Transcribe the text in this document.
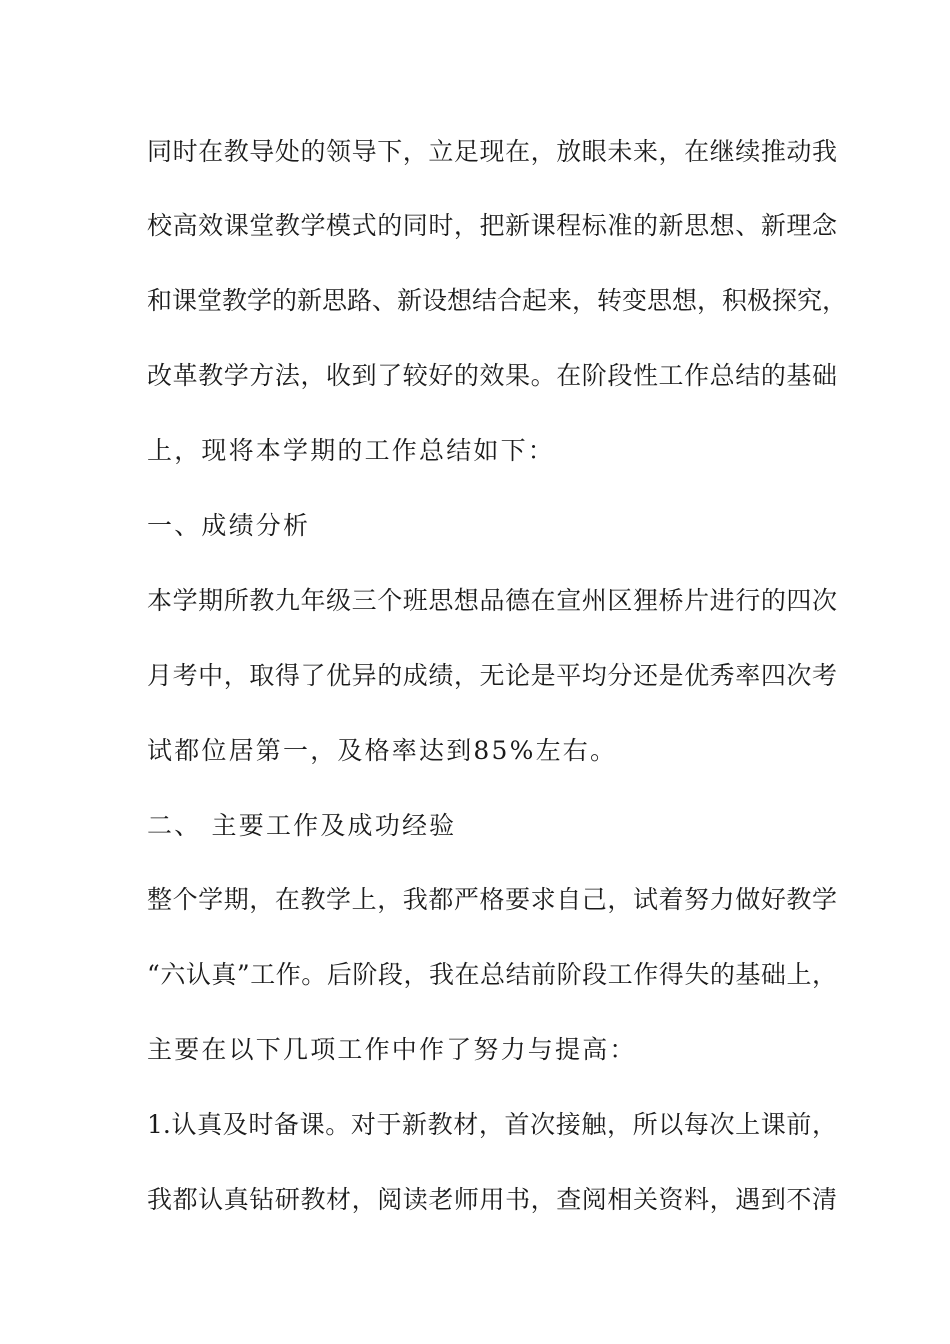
同时在教导处的领导下，立足现在，放眼未来，在继续推动我
校高效课堂教学模式的同时，把新课程标准的新思想、新理念
和课堂教学的新思路、新设想结合起来，转变思想，积极探究，
改革教学方法，收到了较好的效果。在阶段性工作总结的基础
上，现将本学期的工作总结如下：
一、成绩分析
本学期所教九年级三个班思想品德在宣州区狸桥片进行的四次
月考中，取得了优异的成绩，无论是平均分还是优秀率四次考
试都位居第一，及格率达到85%左右。
二、 主要工作及成功经验
整个学期，在教学上，我都严格要求自己，试着努力做好教学
“六认真”工作。后阶段，我在总结前阶段工作得失的基础上，
主要在以下几项工作中作了努力与提高：
1.认真及时备课。对于新教材，首次接触，所以每次上课前，
我都认真钻研教材，阅读老师用书，查阅相关资料，遇到不清
